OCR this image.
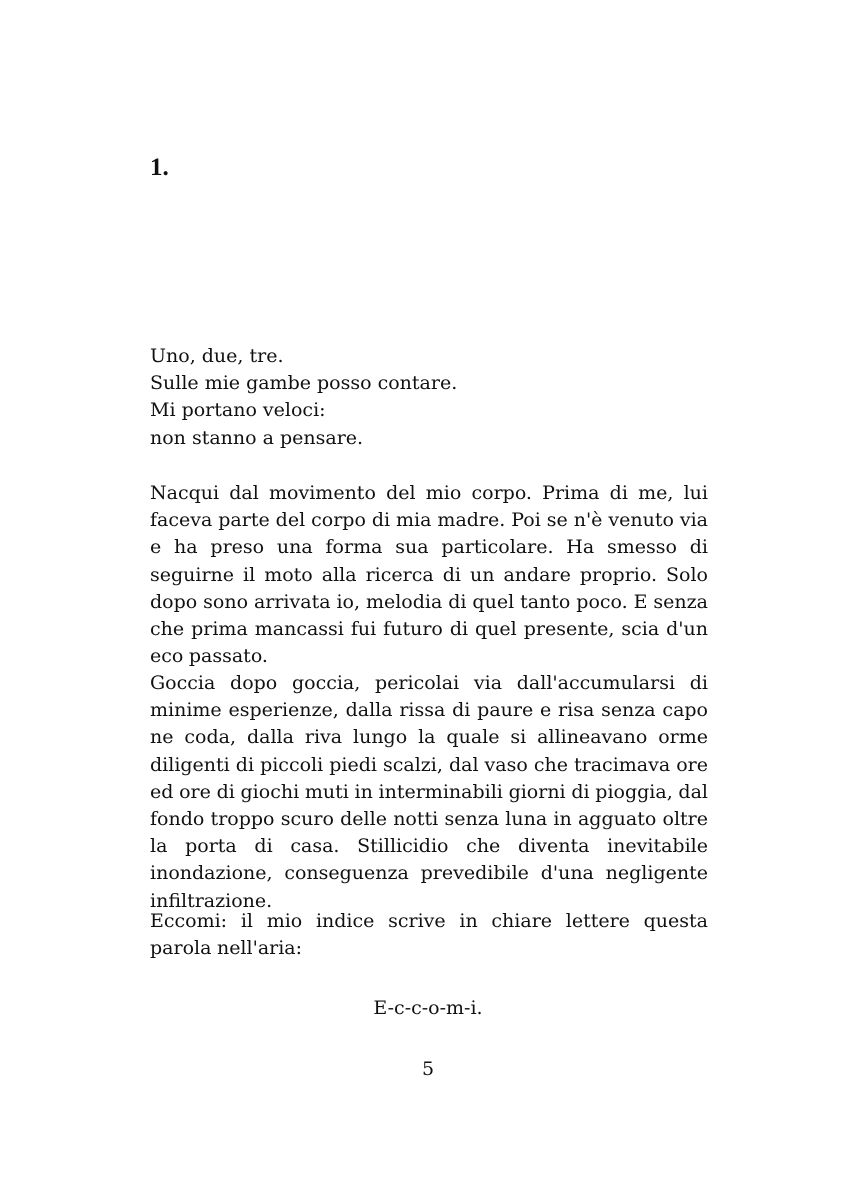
1.
Uno, due, tre.
Sulle mie gambe posso contare.
Mi portano veloci:
non stanno a pensare.

Nacqui dal movimento del mio corpo. Prima di me, lui faceva parte del corpo di mia madre. Poi se n'è venuto via e ha preso una forma sua particolare. Ha smesso di seguirne il moto alla ricerca di un andare proprio. Solo dopo sono arrivata io, melodia di quel tanto poco. E senza che prima mancassi fui futuro di quel presente, scia d'un eco passato.

Goccia dopo goccia, pericolai via dall'accumularsi di minime esperienze, dalla rissa di paure e risa senza capo ne coda, dalla riva lungo la quale si allineavano orme diligenti di piccoli piedi scalzi, dal vaso che tracimava ore ed ore di giochi muti in interminabili giorni di pioggia, dal fondo troppo scuro delle notti senza luna in agguato oltre la porta di casa. Stillicidio che diventa inevitabile inondazione, conseguenza prevedibile d'una negligente infiltrazione.

Eccomi: il mio indice scrive in chiare lettere questa parola nell'aria:

E-c-c-o-m-i.

5
